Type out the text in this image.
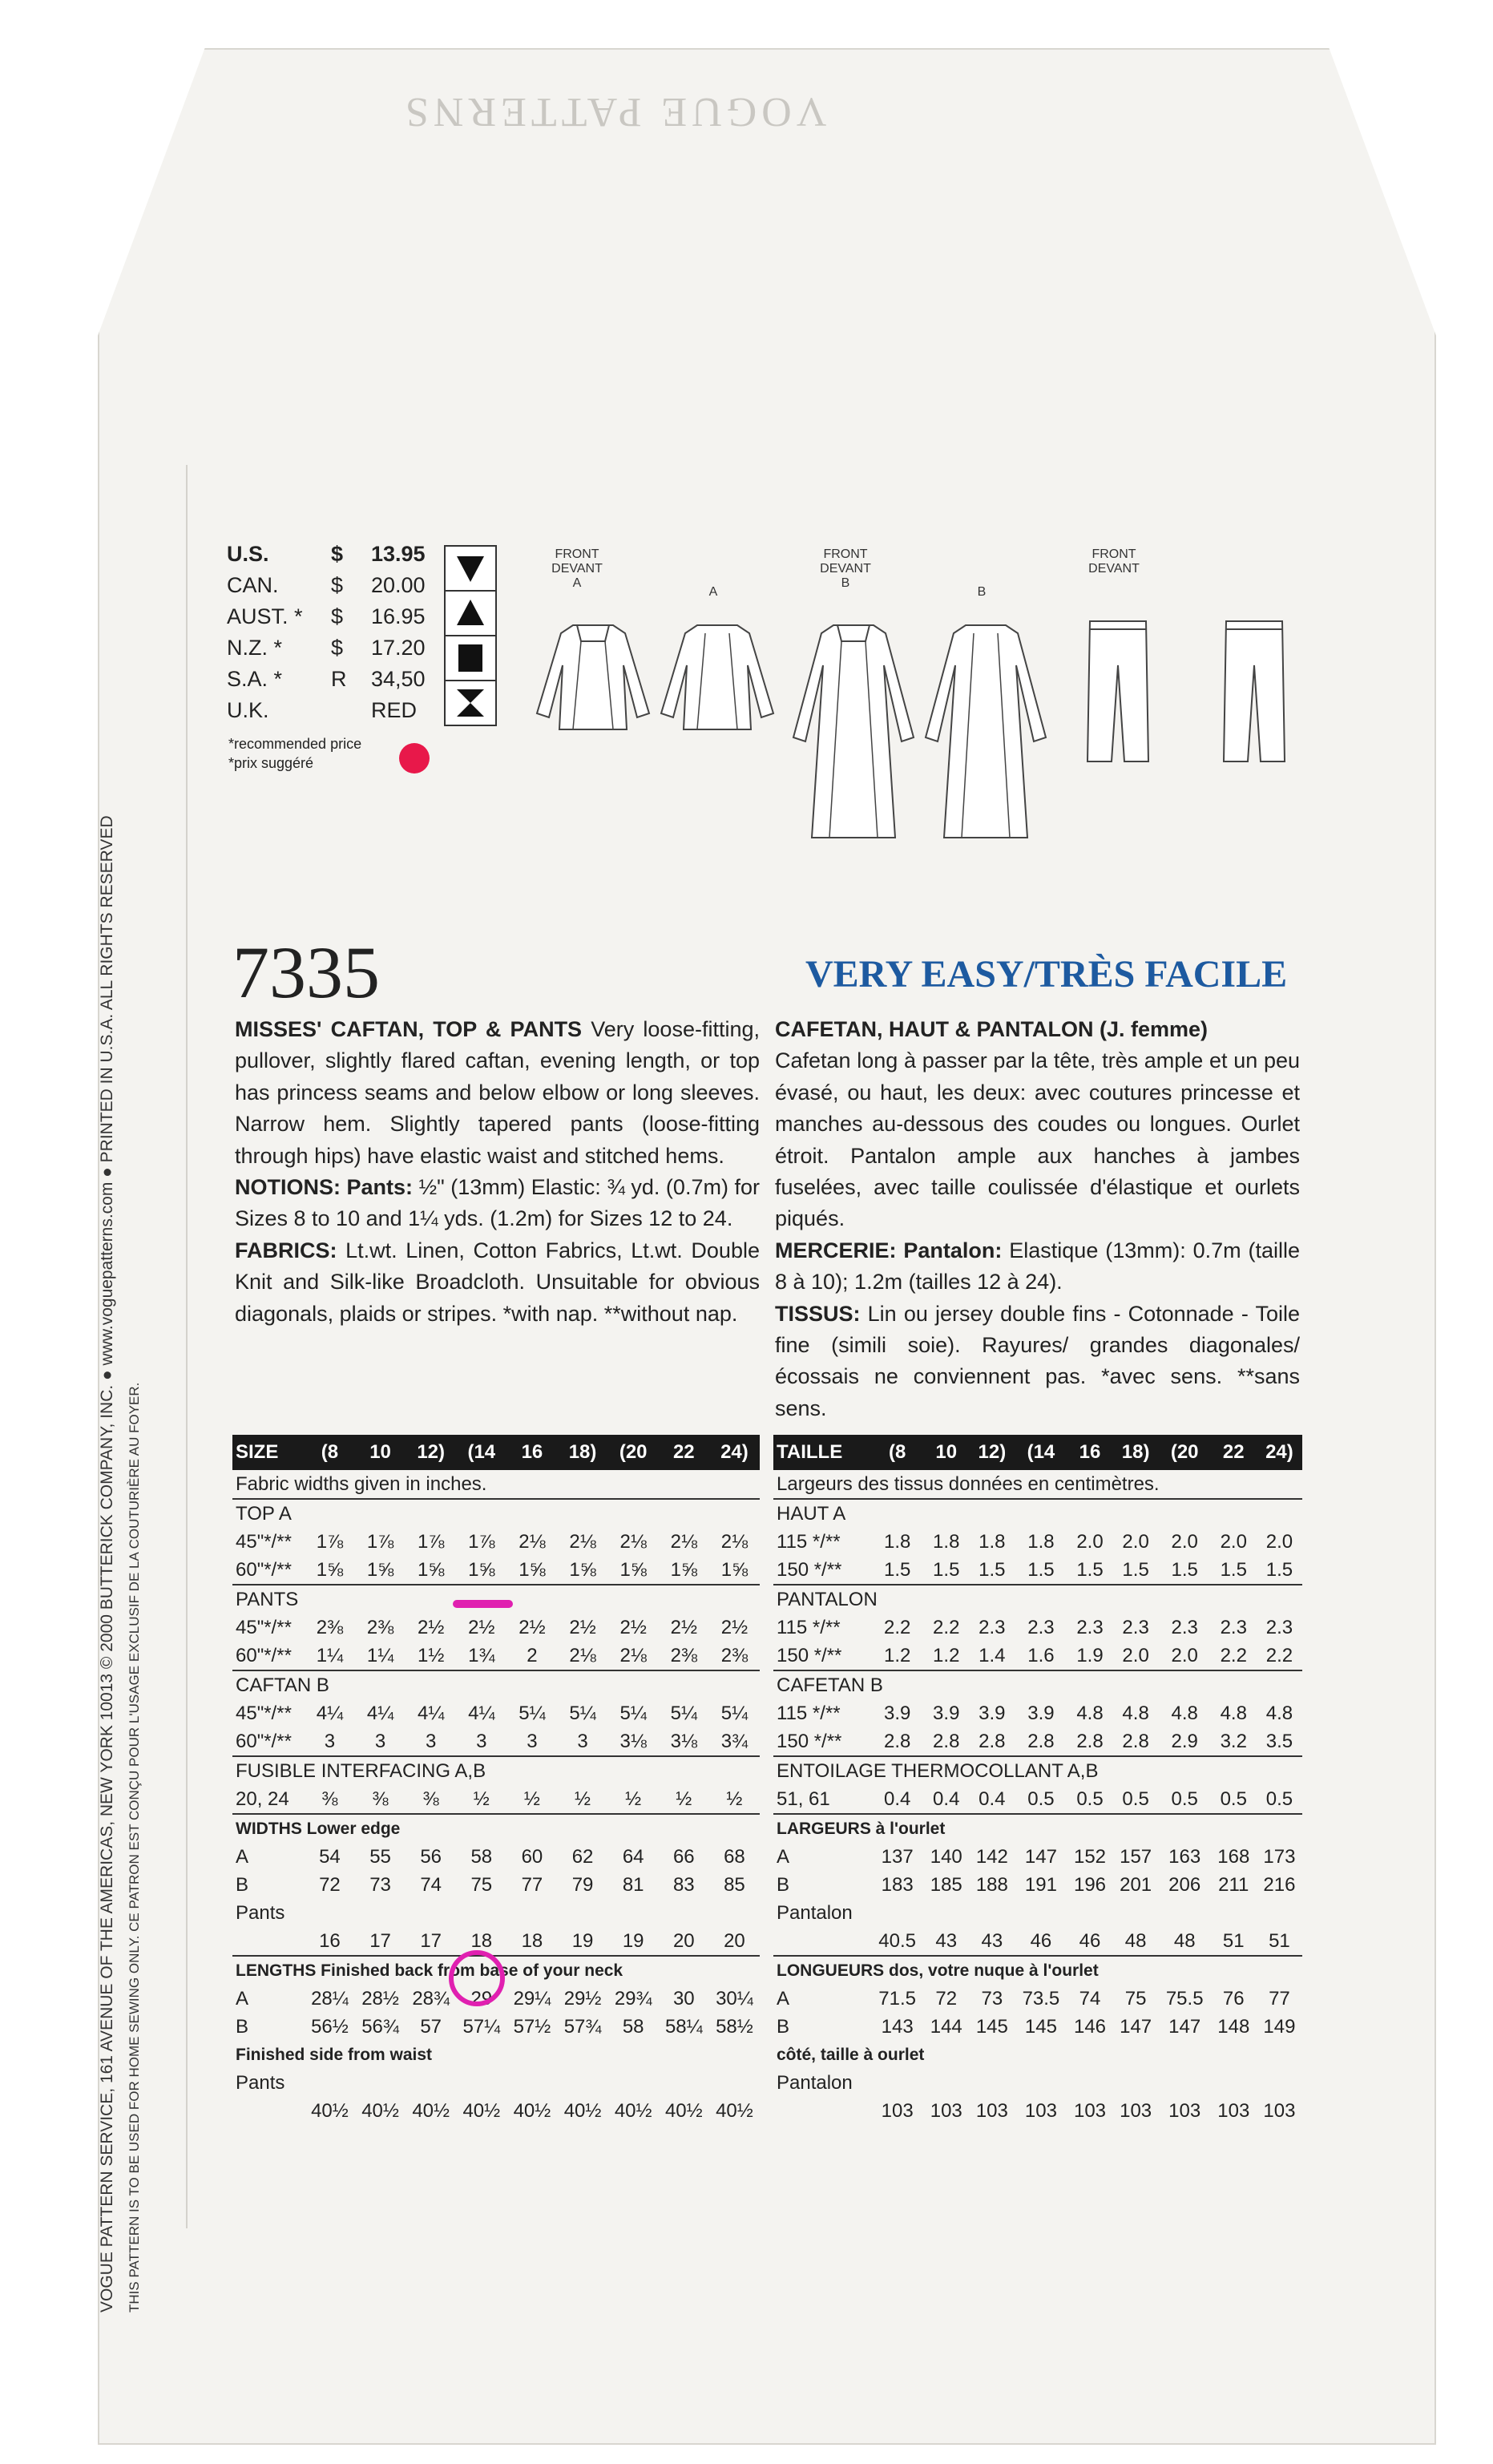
VOGUE PATTERNS
VOGUE PATTERN SERVICE, 161 AVENUE OF THE AMERICAS, NEW YORK 10013 © 2000 BUTTERICK COMPANY, INC. ● www.voguepatterns.com ● PRINTED IN U.S.A. ALL RIGHTS RESERVED THIS PATTERN IS TO BE USED FOR HOME SEWING ONLY. CE PATRON EST CONÇU POUR L'USAGE EXCLUSIF DE LA COUTURIÈRE AU FOYER.
U.S.	$ 13.95
CAN. $ 20.00
AUST. * $ 16.95
N.Z. * $ 17.20
S.A. * R 34,50
U.K.	RED
*recommended price
*prix suggéré
FRONT
DEVANT
A
A
FRONT
DEVANT
B
B
FRONT
DEVANT
7335	VERY EASY/TRÈS FACILE
MISSES' CAFTAN, TOP & PANTS Very loose-fitting, pullover, slightly flared caftan, evening length, or top has princess seams and below elbow or long sleeves. Narrow hem. Slightly tapered pants (loose-fitting through hips) have elastic waist and stitched hems.
NOTIONS: Pants: ½" (13mm) Elastic: ¾ yd. (0.7m) for Sizes 8 to 10 and 1¼ yds. (1.2m) for Sizes 12 to 24.
FABRICS: Lt.wt. Linen, Cotton Fabrics, Lt.wt. Double Knit and Silk-like Broadcloth. Unsuitable for obvious diagonals, plaids or stripes. *with nap. **without nap.
CAFETAN, HAUT & PANTALON (J. femme)
Cafetan long à passer par la tête, très ample et un peu évasé, ou haut, les deux: avec coutures princesse et manches au-dessous des coudes ou longues. Ourlet étroit. Pantalon ample aux hanches à jambes fuselées, avec taille coulissée d'élastique et ourlets piqués.
MERCERIE: Pantalon: Elastique (13mm): 0.7m (taille 8 à 10); 1.2m (tailles 12 à 24).
TISSUS: Lin ou jersey double fins - Cotonnade - Toile fine (simili soie). Rayures/ grandes diagonales/écossais ne conviennent pas. *avec sens. **sans sens.
SIZE	(8	10	12)	(14	16	18)	(20	22	24)
Fabric widths given in inches.									
TOP A									
45"*/**	1⅞	1⅞	1⅞	1⅞	2⅛	2⅛	2⅛	2⅛	2⅛
60"*/**	1⅝	1⅝	1⅝	1⅝	1⅝	1⅝	1⅝	1⅝	1⅝
PANTS									
45"*/**	2⅜	2⅜	2½	2½	2½	2½	2½	2½	2½
60"*/**	1¼	1¼	1½	1¾	2	2⅛	2⅛	2⅜	2⅜
CAFTAN B									
45"*/**	4¼	4¼	4¼	4¼	5¼	5¼	5¼	5¼	5¼
60"*/**	3	3	3	3	3	3	3⅛	3⅛	3¾
FUSIBLE INTERFACING A,B									
20, 24	⅜	⅜	⅜	½	½	½	½	½	½
WIDTHS Lower edge									
A	54	55	56	58	60	62	64	66	68
B	72	73	74	75	77	79	81	83	85
Pants									
	16	17	17	18	18	19	19	20	20
LENGTHS Finished back from base of your neck									
A	28¼	28½	28¾	29	29¼	29½	29¾	30	30¼
B	56½	56¾	57	57¼	57½	57¾	58	58¼	58½
Finished side from waist									
Pants									
	40½	40½	40½	40½	40½	40½	40½	40½	40½
TAILLE	(8	10	12)	(14	16	18)	(20	22	24)
Largeurs des tissus données en centimètres.									
HAUT A									
115 */**	1.8	1.8	1.8	1.8	2.0	2.0	2.0	2.0	2.0
150 */**	1.5	1.5	1.5	1.5	1.5	1.5	1.5	1.5	1.5
PANTALON									
115 */**	2.2	2.2	2.3	2.3	2.3	2.3	2.3	2.3	2.3
150 */**	1.2	1.2	1.4	1.6	1.9	2.0	2.0	2.2	2.2
CAFETAN B									
115 */**	3.9	3.9	3.9	3.9	4.8	4.8	4.8	4.8	4.8
150 */**	2.8	2.8	2.8	2.8	2.8	2.8	2.9	3.2	3.5
ENTOILAGE THERMOCOLLANT A,B									
51, 61	0.4	0.4	0.4	0.5	0.5	0.5	0.5	0.5	0.5
LARGEURS à l'ourlet									
A	137	140	142	147	152	157	163	168	173
B	183	185	188	191	196	201	206	211	216
Pantalon									
	40.5	43	43	46	46	48	48	51	51
LONGUEURS dos, votre nuque à l'ourlet									
A	71.5	72	73	73.5	74	75	75.5	76	77
B	143	144	145	145	146	147	147	148	149
côté, taille à ourlet									
Pantalon									
	103	103	103	103	103	103	103	103	103
